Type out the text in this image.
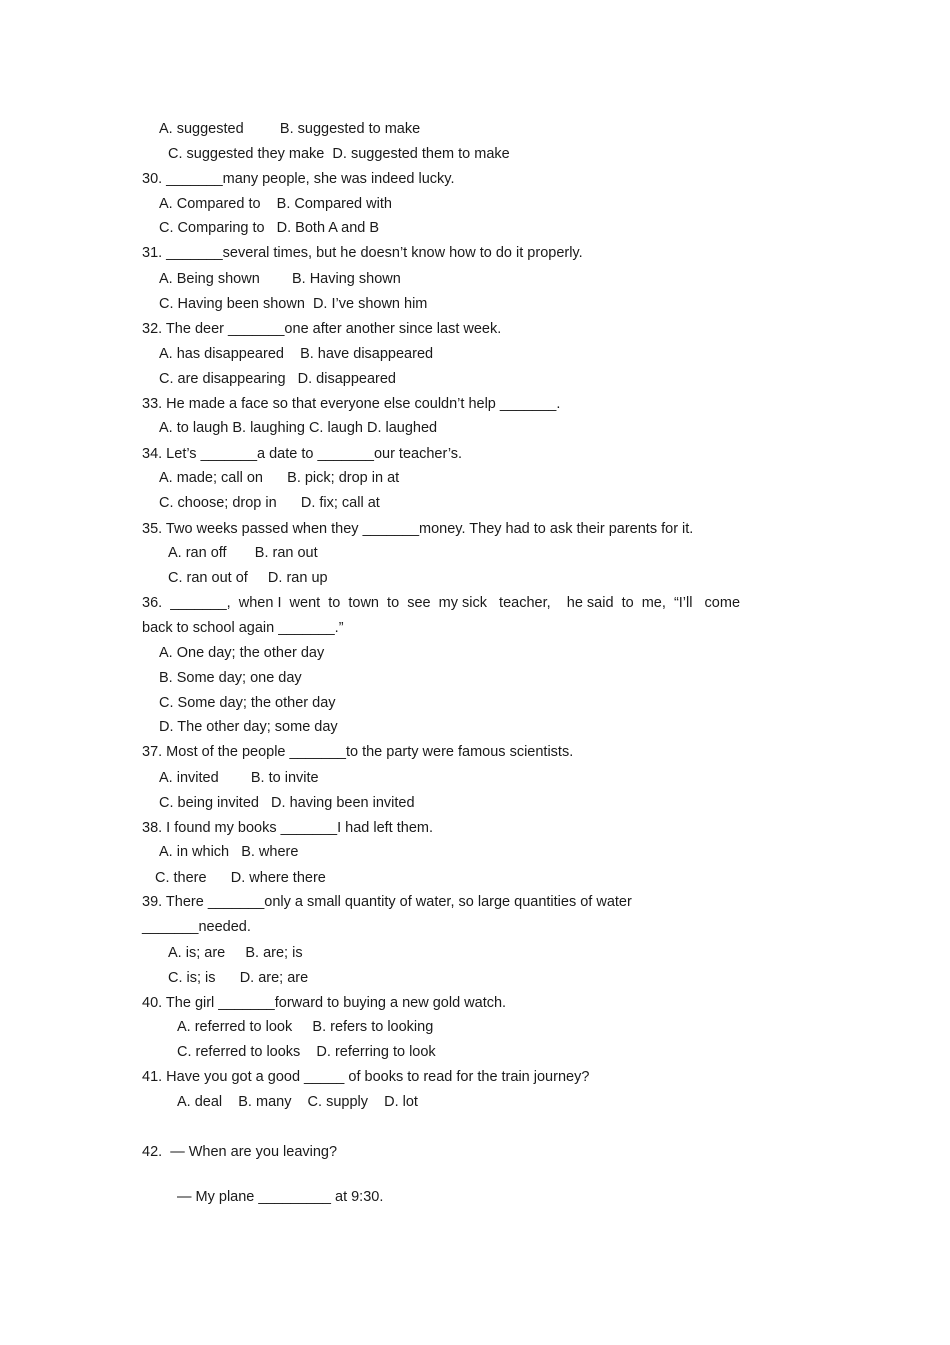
A. suggested         B. suggested to make
C. suggested they make  D. suggested them to make
30. _______many people, she was indeed lucky.
A. Compared to    B. Compared with
C. Comparing to   D. Both A and B
31. _______several times, but he doesn’t know how to do it properly.
A. Being shown        B. Having shown
C. Having been shown  D. I’ve shown him
32. The deer _______one after another since last week.
A. has disappeared    B. have disappeared
C. are disappearing   D. disappeared
33. He made a face so that everyone else couldn’t help _______.
A. to laugh B. laughing C. laugh D. laughed
34. Let’s _______a date to _______our teacher’s.
A. made; call on      B. pick; drop in at
C. choose; drop in      D. fix; call at
35. Two weeks passed when they _______money. They had to ask their parents for it.
A. ran off       B. ran out
C. ran out of     D. ran up
36.  _______,  when I  went  to  town  to  see  my sick   teacher,    he said  to  me,  “I’ll   come
back to school again _______.”
A. One day; the other day
B. Some day; one day
C. Some day; the other day
D. The other day; some day
37. Most of the people _______to the party were famous scientists.
A. invited        B. to invite
C. being invited   D. having been invited
38. I found my books _______I had left them.
A. in which   B. where
C. there      D. where there
39. There _______only a small quantity of water, so large quantities of water
_______needed.
A. is; are     B. are; is
C. is; is      D. are; are
40. The girl _______forward to buying a new gold watch.
A. referred to look     B. refers to looking
C. referred to looks    D. referring to look
41. Have you got a good _____ of books to read for the train journey?
A. deal    B. many    C. supply    D. lot
42.  — When are you leaving?
— My plane _________ at 9:30.
